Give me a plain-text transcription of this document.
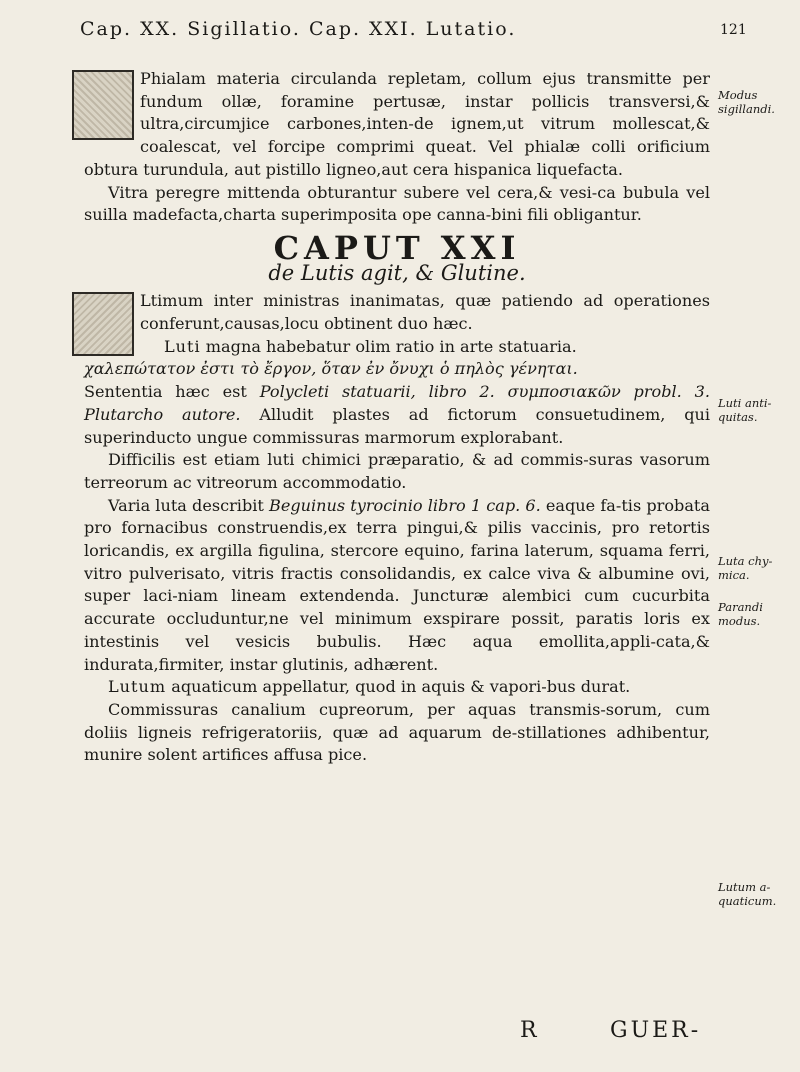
Cap. XX. Sigillatio. Cap. XXI. Lutatio.	121

Phialam materia circulanda repletam, collum ejus transmitte per fundum ollæ, foramine pertusæ, instar pollicis transversi,& ultra,circumjice carbones,inten-de ignem,ut vitrum mollescat,& coalescat, vel forcipe comprimi queat. Vel phialæ colli orificium obtura turundula, aut pistillo ligneo,aut cera hispanica liquefacta.

Vitra peregre mittenda obturantur subere vel cera,& vesi-ca bubula vel suilla madefacta,charta superimposita ope canna-bini fili obligantur.

CAPUT XXI
de Lutis agit, & Glutine.

Ltimum inter ministras inanimatas, quæ patiendo ad operationes conferunt,causas,locu obtinent duo hæc.

Luti magna habebatur olim ratio in arte statuaria.

χαλεπώτατον ἐστι τὸ ἔργον, ὅταν ἐν ὄνυχι ὁ πηλὸς γένηται.

Sententia hæc est Polycleti statuarii, libro 2. συμποσιακῶν probl. 3. Plutarcho autore. Alludit plastes ad fictorum consuetudinem, qui superinducto ungue commissuras marmorum explorabant.

Difficilis est etiam luti chimici præparatio, & ad commis-suras vasorum terreorum ac vitreorum accommodatio.

Varia luta describit Beguinus tyrocinio libro 1 cap. 6. eaque fa-tis probata pro fornacibus construendis,ex terra pingui,& pilis vaccinis, pro retortis loricandis, ex argilla figulina, stercore equino, farina laterum, squama ferri, vitro pulverisato, vitris fractis consolidandis, ex calce viva & albumine ovi, super laci-niam lineam extendenda. Juncturæ alembici cum cucurbita accurate occluduntur,ne vel minimum exspirare possit, paratis loris ex intestinis vel vesicis bubulis. Hæc aqua emollita,appli-cata,& indurata,firmiter, instar glutinis, adhærent.

Lutum aquaticum appellatur, quod in aquis & vapori-bus durat.

Commissuras canalium cupreorum, per aquas transmis-sorum, cum doliis ligneis refrigeratoriis, quæ ad aquarum de-stillationes adhibentur, munire solent artifices affusa pice.

Modus sigillandi.
Luti anti-quitas.
Luta chy-mica.
Parandi modus.
Lutum a-quaticum.
R	GUER-
